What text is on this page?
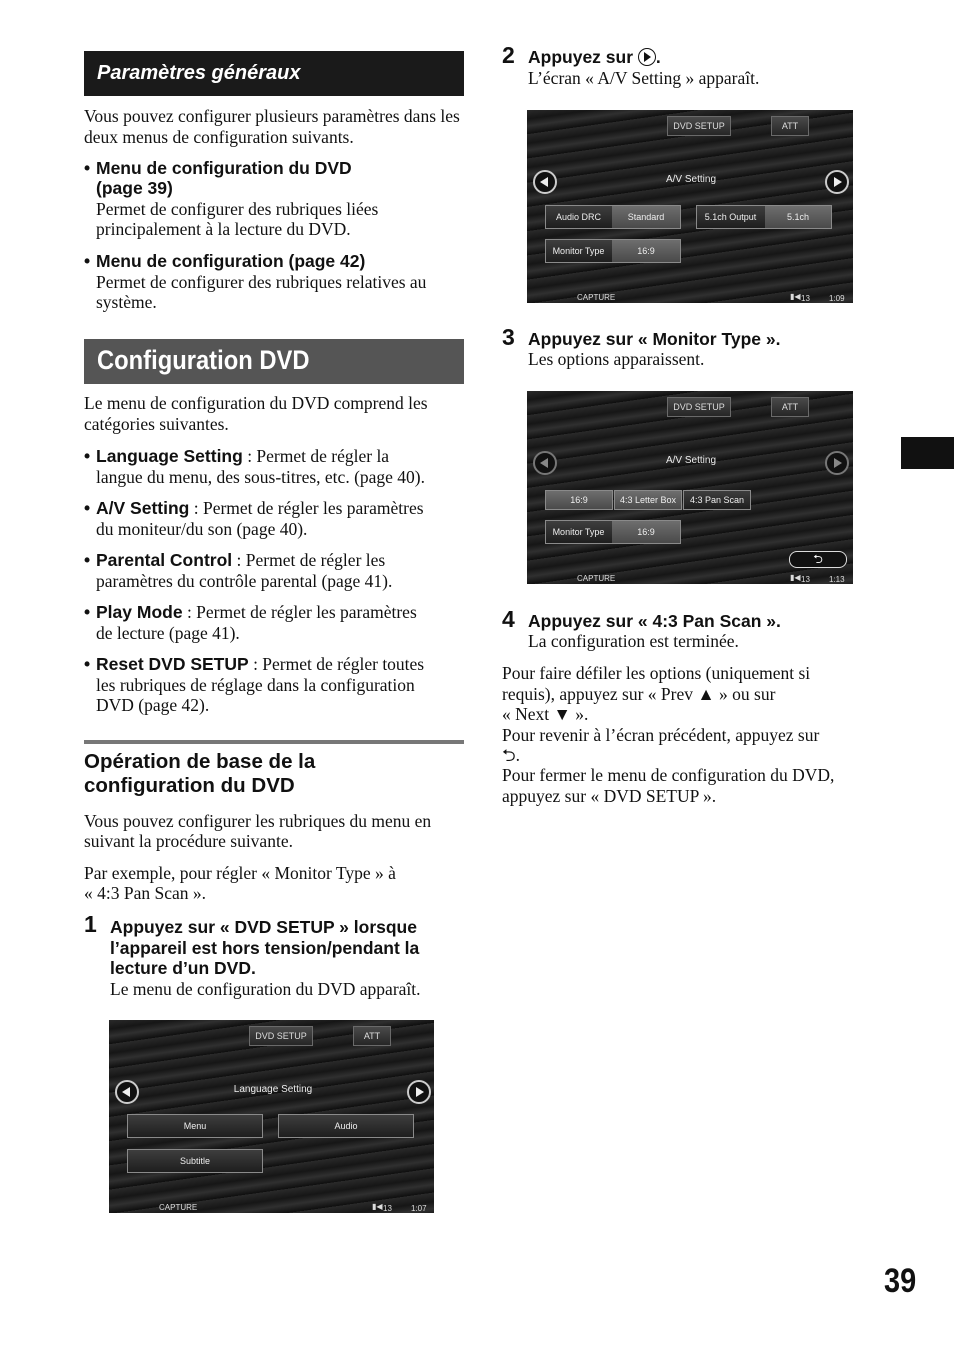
Paramètres généraux
Vous pouvez configurer plusieurs paramètres dans les deux menus de configuration suivants.
• Menu de configuration du DVD
(page 39)
Permet de configurer des rubriques liées
principalement à la lecture du DVD.
• Menu de configuration (page 42)
Permet de configurer des rubriques relatives au
système.
Configuration DVD
Le menu de configuration du DVD comprend les
catégories suivantes.
• Language Setting : Permet de régler la
langue du menu, des sous-titres, etc. (page 40).
• A/V Setting : Permet de régler les paramètres
du moniteur/du son (page 40).
• Parental Control : Permet de régler les
paramètres du contrôle parental (page 41).
• Play Mode : Permet de régler les paramètres
de lecture (page 41).
• Reset DVD SETUP : Permet de régler toutes
les rubriques de réglage dans la configuration
DVD (page 42).
Opération de base de la
configuration du DVD
Vous pouvez configurer les rubriques du menu en
suivant la procédure suivante.
Par exemple, pour régler « Monitor Type » à
« 4:3 Pan Scan ».
1 Appuyez sur « DVD SETUP » lorsque
l’appareil est hors tension/pendant la
lecture d’un DVD.
Le menu de configuration du DVD apparaît.
DVD SETUP	ATT
Language Setting
Menu	Audio
Subtitle
CAPTURE	▮◀ 13 1:07
2 Appuyez sur .
L’écran « A/V Setting » apparaît.
DVD SETUP	ATT
A/V Setting
Audio DRC	Standard	5.1ch Output	5.1ch
Monitor Type	16:9
CAPTURE	▮◀ 13 1:09
3 Appuyez sur « Monitor Type ».
Les options apparaissent.
DVD SETUP	ATT
A/V Setting
16:9	4:3 Letter Box	4:3 Pan Scan
Monitor Type	16:9
⮌
CAPTURE	▮◀ 13 1:13
4 Appuyez sur « 4:3 Pan Scan ».
La configuration est terminée.
Pour faire défiler les options (uniquement si
requis), appuyez sur « Prev ▲ » ou sur
« Next ▼ ».
Pour revenir à l’écran précédent, appuyez sur
⮌.
Pour fermer le menu de configuration du DVD,
appuyez sur « DVD SETUP ».
39
